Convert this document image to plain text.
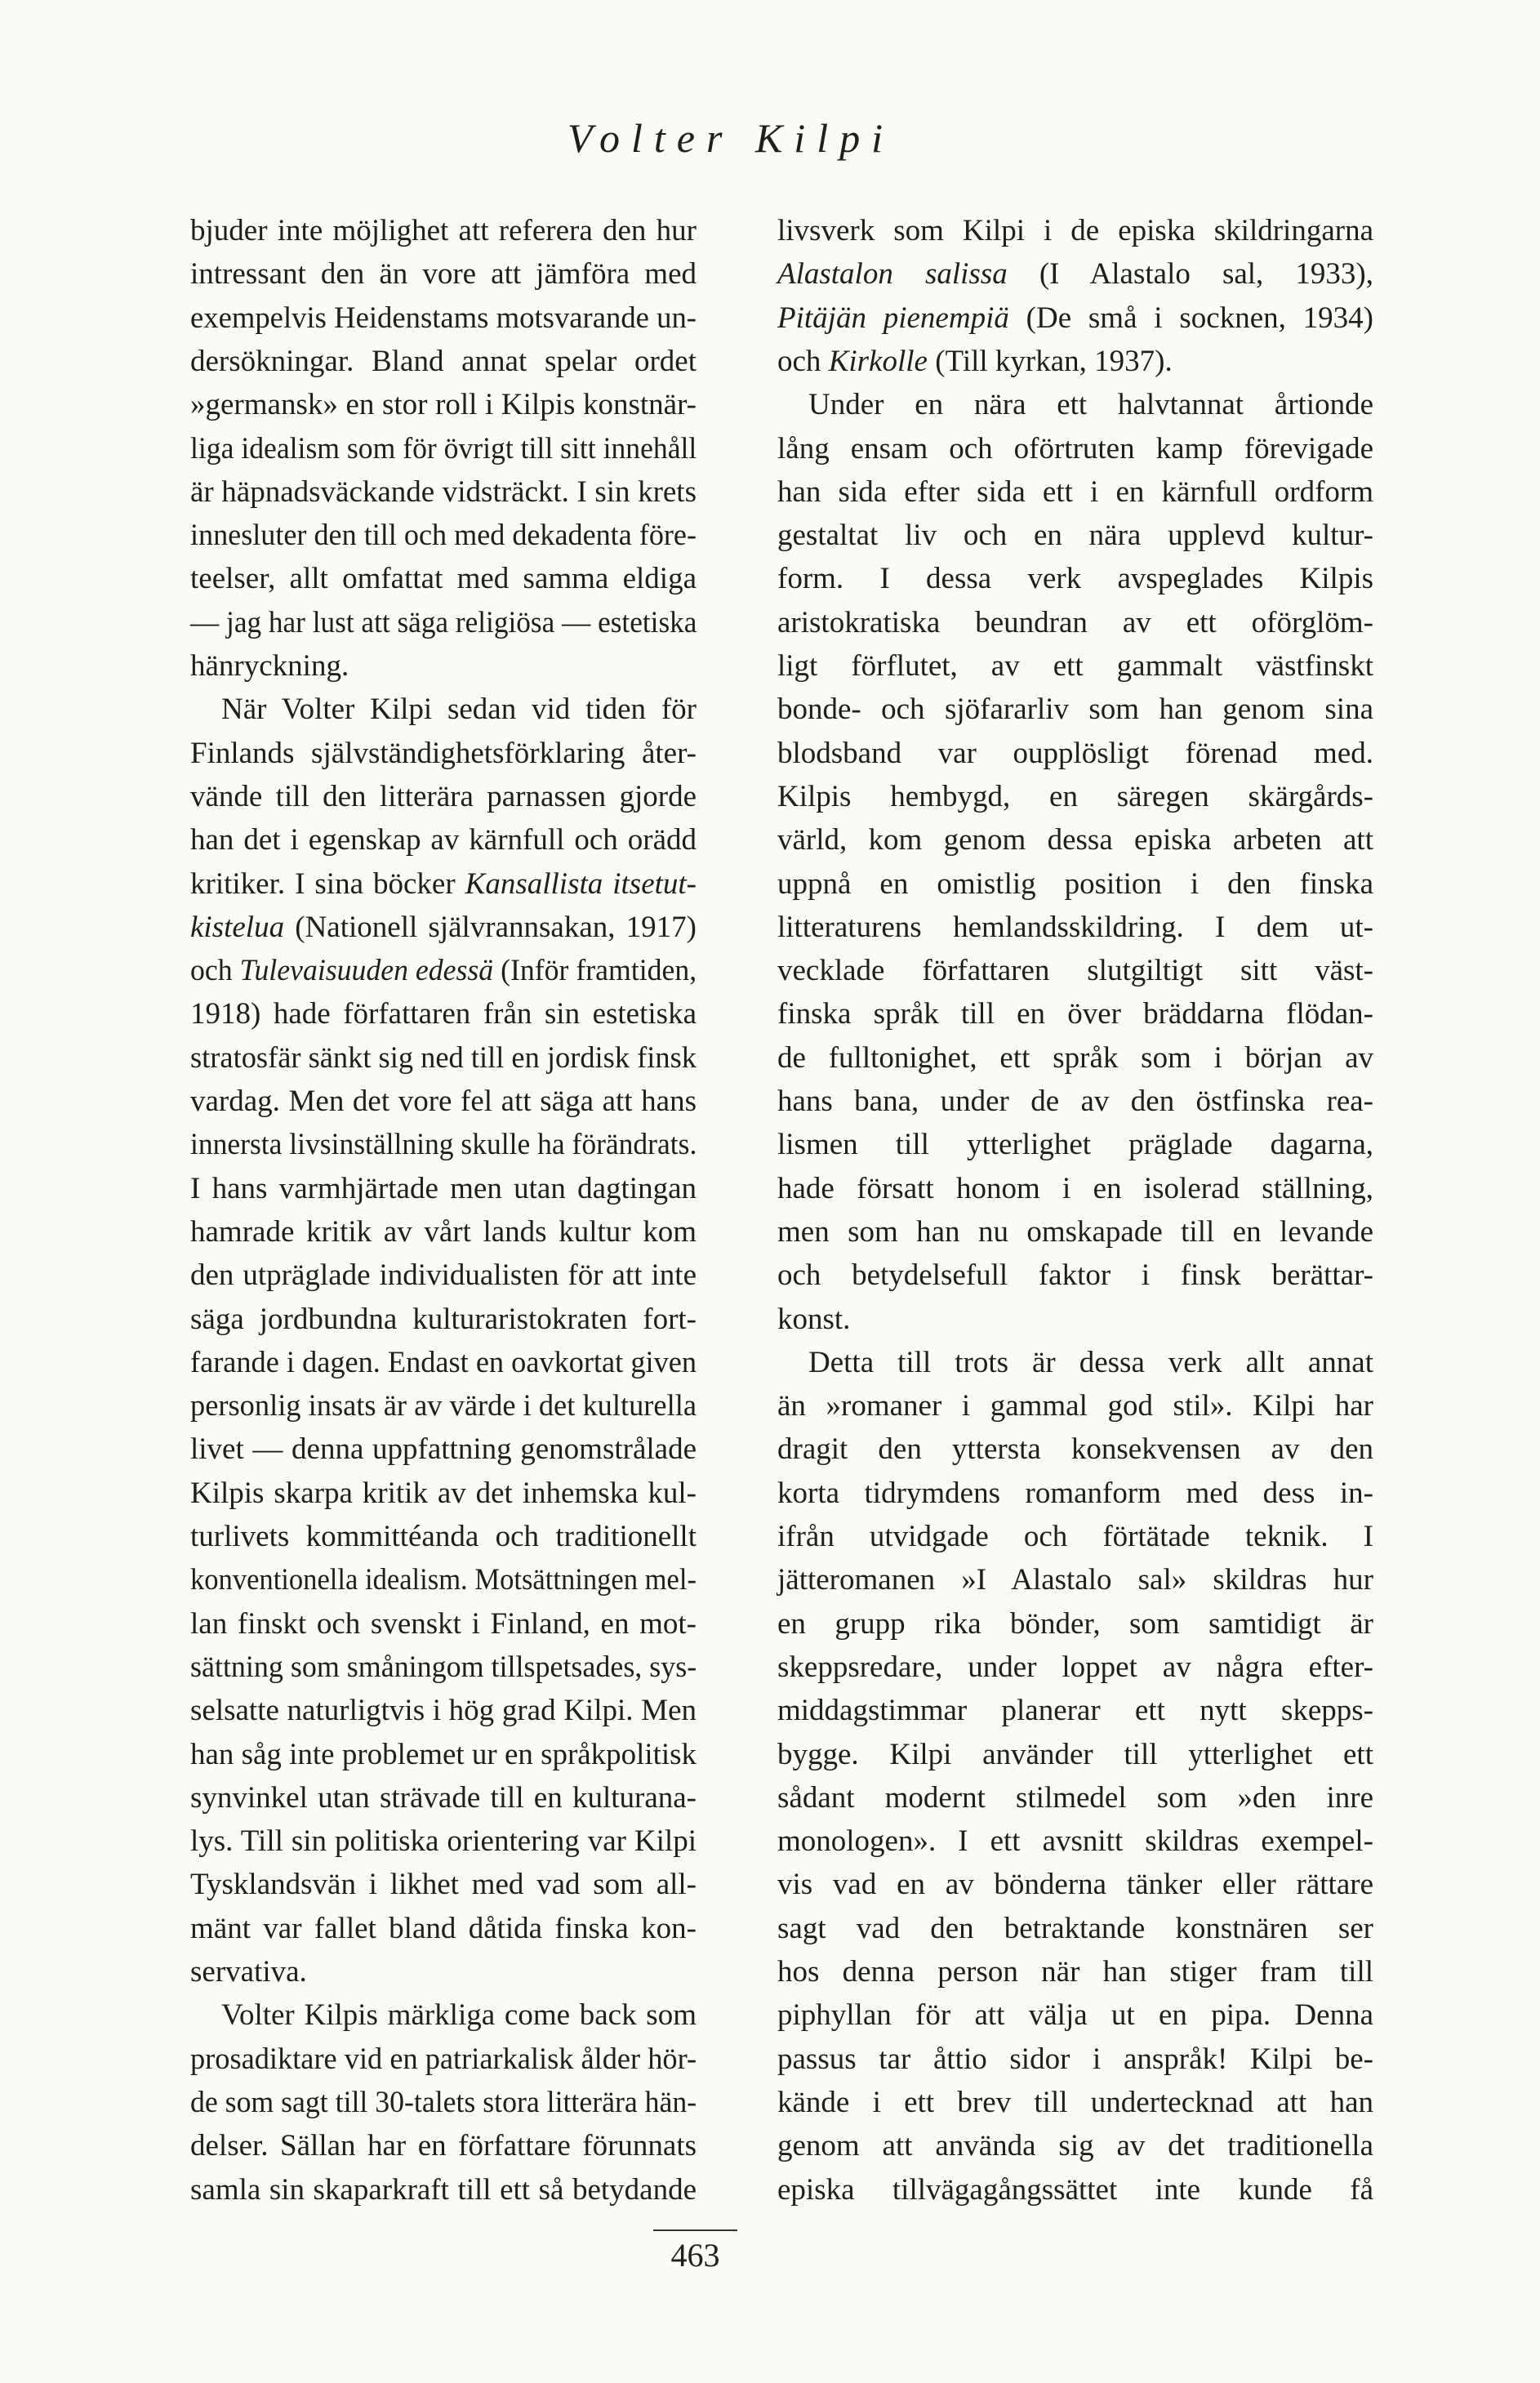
Volter Kilpi
bjuder inte möjlighet att referera den hur
intressant den än vore att jämföra med
exempelvis Heidenstams motsvarande un-
dersökningar. Bland annat spelar ordet
»germansk» en stor roll i Kilpis konstnär-
liga idealism som för övrigt till sitt innehåll
är häpnadsväckande vidsträckt. I sin krets
innesluter den till och med dekadenta före-
teelser, allt omfattat med samma eldiga
— jag har lust att säga religiösa — estetiska
hänryckning.
När Volter Kilpi sedan vid tiden för
Finlands självständighetsförklaring åter-
vände till den litterära parnassen gjorde
han det i egenskap av kärnfull och orädd
kritiker. I sina böcker Kansallista itsetut-
kistelua (Nationell självrannsakan, 1917)
och Tulevaisuuden edessä (Inför framtiden,
1918) hade författaren från sin estetiska
stratosfär sänkt sig ned till en jordisk finsk
vardag. Men det vore fel att säga att hans
innersta livsinställning skulle ha förändrats.
I hans varmhjärtade men utan dagtingan
hamrade kritik av vårt lands kultur kom
den utpräglade individualisten för att inte
säga jordbundna kulturaristokraten fort-
farande i dagen. Endast en oavkortat given
personlig insats är av värde i det kulturella
livet — denna uppfattning genomstrålade
Kilpis skarpa kritik av det inhemska kul-
turlivets kommittéanda och traditionellt
konventionella idealism. Motsättningen mel-
lan finskt och svenskt i Finland, en mot-
sättning som småningom tillspetsades, sys-
selsatte naturligtvis i hög grad Kilpi. Men
han såg inte problemet ur en språkpolitisk
synvinkel utan strävade till en kulturana-
lys. Till sin politiska orientering var Kilpi
Tysklandsvän i likhet med vad som all-
mänt var fallet bland dåtida finska kon-
servativa.
Volter Kilpis märkliga come back som
prosadiktare vid en patriarkalisk ålder hör-
de som sagt till 30-talets stora litterära hän-
delser. Sällan har en författare förunnats
samla sin skaparkraft till ett så betydande
livsverk som Kilpi i de episka skildringarna
Alastalon salissa (I Alastalo sal, 1933),
Pitäjän pienempiä (De små i socknen, 1934)
och Kirkolle (Till kyrkan, 1937).
Under en nära ett halvtannat årtionde
lång ensam och oförtruten kamp förevigade
han sida efter sida ett i en kärnfull ordform
gestaltat liv och en nära upplevd kultur-
form. I dessa verk avspeglades Kilpis
aristokratiska beundran av ett oförglöm-
ligt förflutet, av ett gammalt västfinskt
bonde- och sjöfararliv som han genom sina
blodsband var oupplösligt förenad med.
Kilpis hembygd, en säregen skärgårds-
värld, kom genom dessa episka arbeten att
uppnå en omistlig position i den finska
litteraturens hemlandsskildring. I dem ut-
vecklade författaren slutgiltigt sitt väst-
finska språk till en över bräddarna flödan-
de fulltonighet, ett språk som i början av
hans bana, under de av den östfinska rea-
lismen till ytterlighet präglade dagarna,
hade försatt honom i en isolerad ställning,
men som han nu omskapade till en levande
och betydelsefull faktor i finsk berättar-
konst.
Detta till trots är dessa verk allt annat
än »romaner i gammal god stil». Kilpi har
dragit den yttersta konsekvensen av den
korta tidrymdens romanform med dess in-
ifrån utvidgade och förtätade teknik. I
jätteromanen »I Alastalo sal» skildras hur
en grupp rika bönder, som samtidigt är
skeppsredare, under loppet av några efter-
middagstimmar planerar ett nytt skepps-
bygge. Kilpi använder till ytterlighet ett
sådant modernt stilmedel som »den inre
monologen». I ett avsnitt skildras exempel-
vis vad en av bönderna tänker eller rättare
sagt vad den betraktande konstnären ser
hos denna person när han stiger fram till
piphyllan för att välja ut en pipa. Denna
passus tar åttio sidor i anspråk! Kilpi be-
kände i ett brev till undertecknad att han
genom att använda sig av det traditionella
episka tillvägagångssättet inte kunde få
463
